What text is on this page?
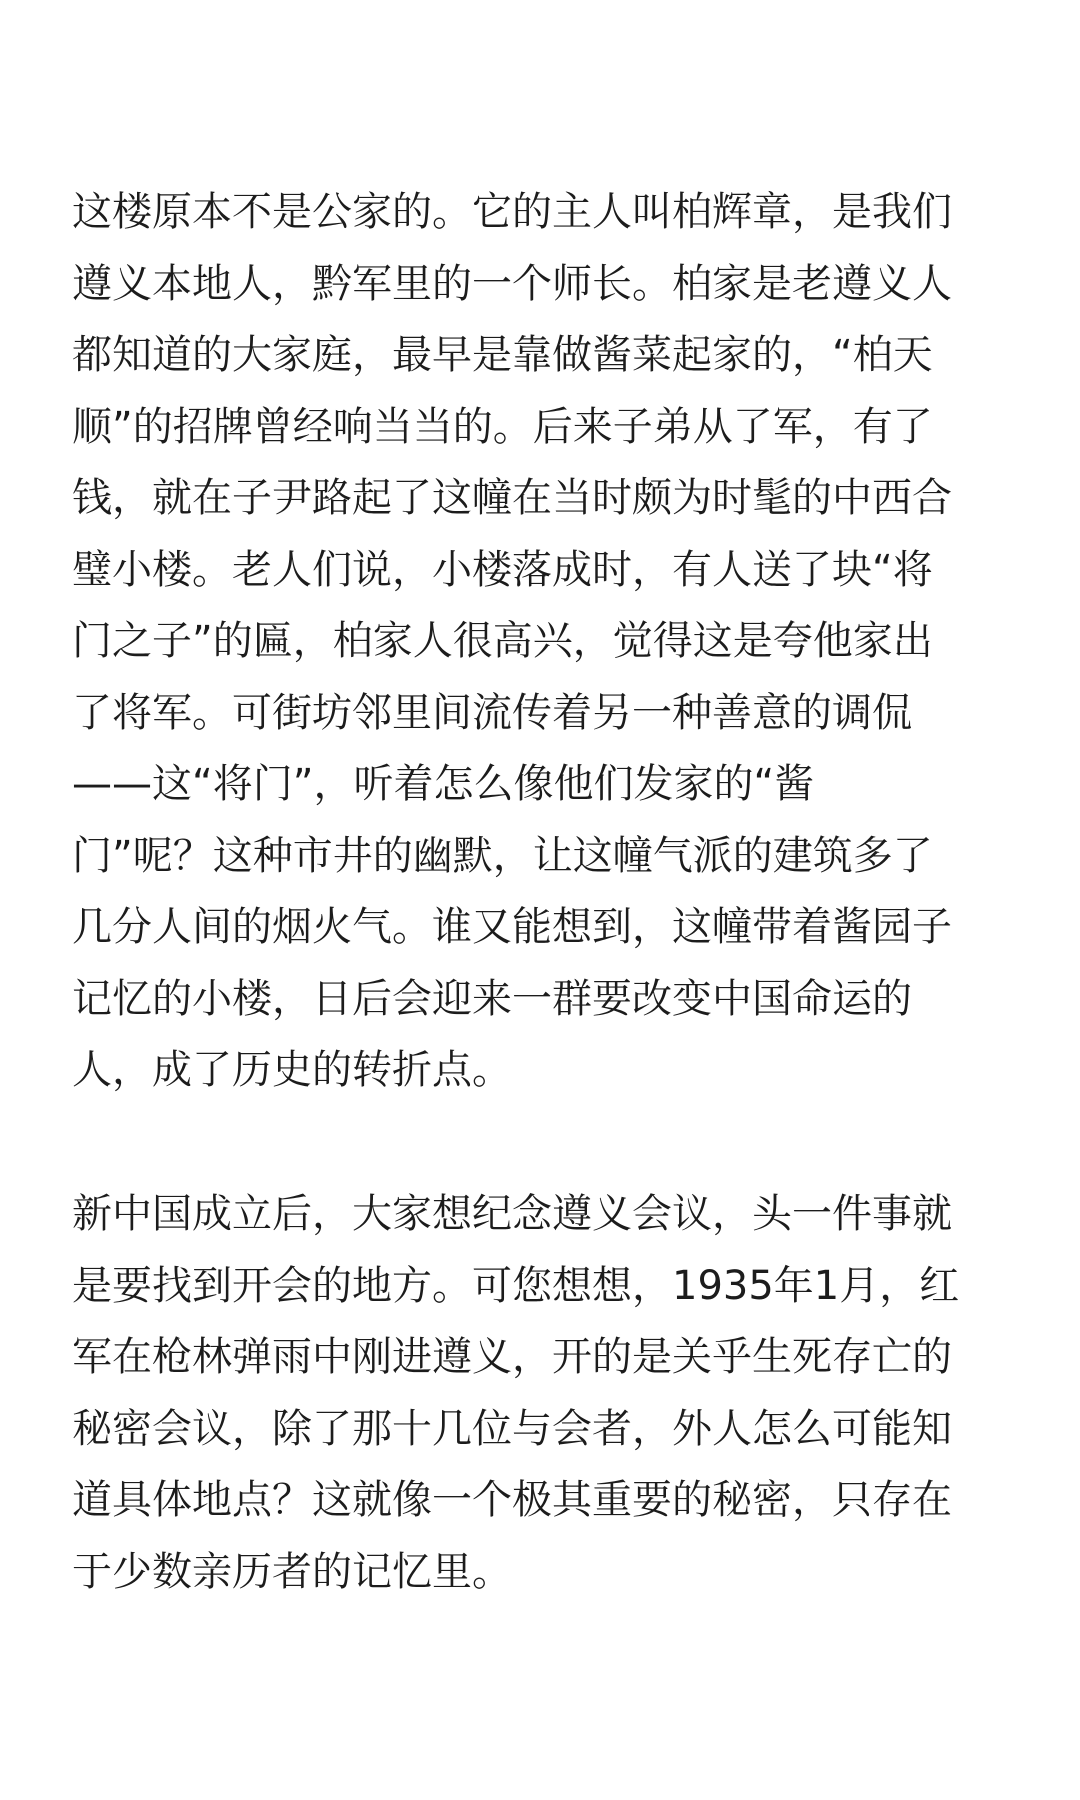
这楼原本不是公家的。它的主人叫柏辉章，是我们
遵义本地人，黔军里的一个师长。柏家是老遵义人
都知道的大家庭，最早是靠做酱菜起家的，“柏天
顺”的招牌曾经响当当的。后来子弟从了军，有了
钱，就在子尹路起了这幢在当时颇为时髦的中西合
璧小楼。老人们说，小楼落成时，有人送了块“将
门之子”的匾，柏家人很高兴，觉得这是夸他家出
了将军。可街坊邻里间流传着另一种善意的调侃
——这“将门”，听着怎么像他们发家的“酱
门”呢？这种市井的幽默，让这幢气派的建筑多了
几分人间的烟火气。谁又能想到，这幢带着酱园子
记忆的小楼，日后会迎来一群要改变中国命运的
人，成了历史的转折点。

新中国成立后，大家想纪念遵义会议，头一件事就
是要找到开会的地方。可您想想，1935年1月，红
军在枪林弹雨中刚进遵义，开的是关乎生死存亡的
秘密会议，除了那十几位与会者，外人怎么可能知
道具体地点？这就像一个极其重要的秘密，只存在
于少数亲历者的记忆里。
